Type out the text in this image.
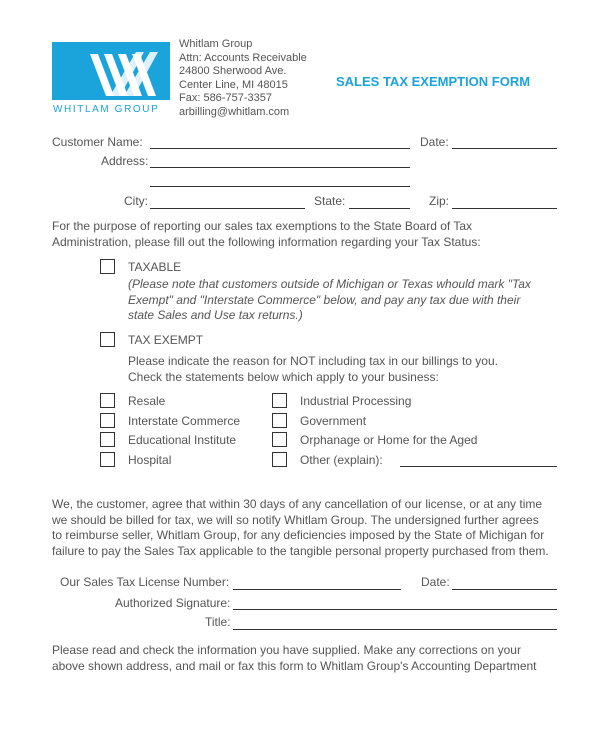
WHITLAM GROUP
Whitlam Group
Attn: Accounts Receivable
24800 Sherwood Ave.
Center Line, MI 48015
Fax: 586-757-3357
arbilling@whitlam.com
SALES TAX EXEMPTION FORM
Customer Name:	Date:
Address:
City:	State:	Zip:
For the purpose of reporting our sales tax exemptions to the State Board of Tax
Administration, please fill out the following information regarding your Tax Status:
TAXABLE
(Please note that customers outside of Michigan or Texas whould mark "Tax
Exempt" and "Interstate Commerce" below, and pay any tax due with their
state Sales and Use tax returns.)
TAX EXEMPT
Please indicate the reason for NOT including tax in our billings to you.
Check the statements below which apply to your business:
Resale
Interstate Commerce
Educational Institute
Hospital
Industrial Processing
Government
Orphanage or Home for the Aged
Other (explain):
We, the customer, agree that within 30 days of any cancellation of our license, or at any time
we should be billed for tax, we will so notify Whitlam Group. The undersigned further agrees
to reimburse seller, Whitlam Group, for any deficiencies imposed by the State of Michigan for
failure to pay the Sales Tax applicable to the tangible personal property purchased from them.
Our Sales Tax License Number:	Date:
Authorized Signature:
Title:
Please read and check the information you have supplied. Make any corrections on your
above shown address, and mail or fax this form to Whitlam Group's Accounting Department
